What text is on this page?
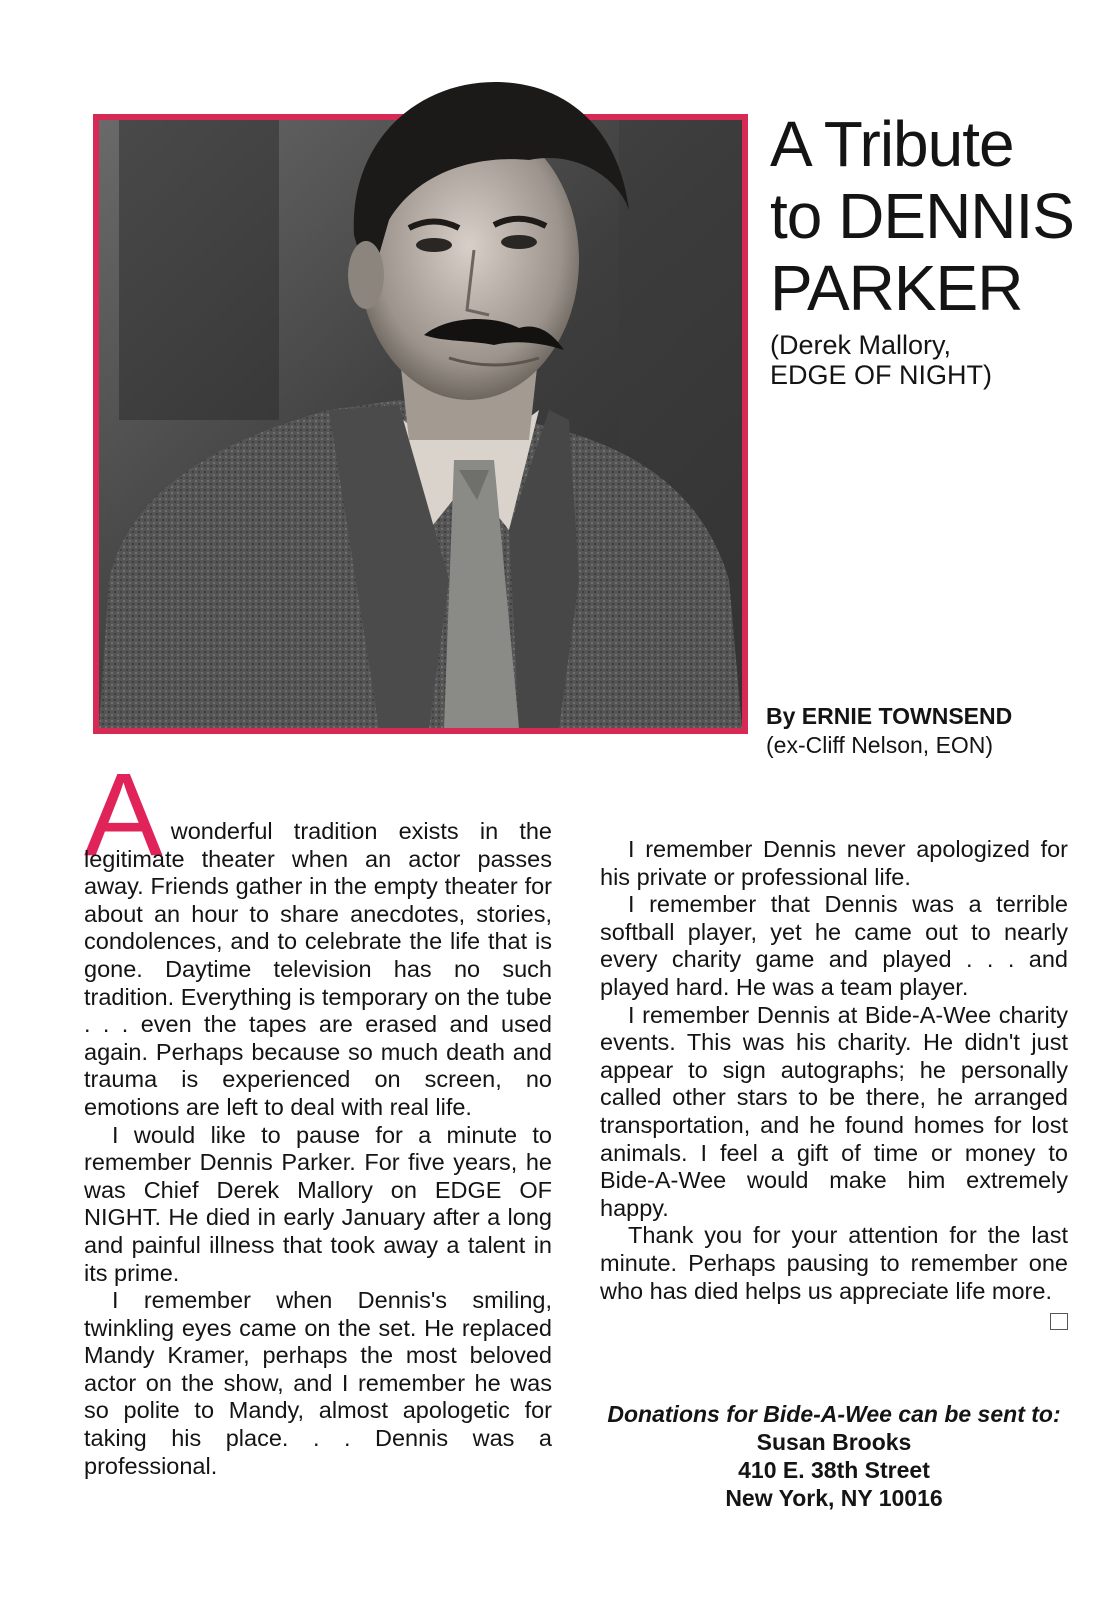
A Tribute
to DENNIS
PARKER
(Derek Mallory,
EDGE OF NIGHT)
By ERNIE TOWNSEND
(ex-Cliff Nelson, EON)

Awonderful tradition exists in the legitimate theater when an actor passes away. Friends gather in the empty theater for about an hour to share anecdotes, stories, condolences, and to celebrate the life that is gone. Daytime television has no such tradition. Everything is temporary on the tube . . . even the tapes are erased and used again. Perhaps because so much death and trauma is experienced on screen, no emotions are left to deal with real life.

I would like to pause for a minute to remember Dennis Parker. For five years, he was Chief Derek Mallory on EDGE OF NIGHT. He died in early January after a long and painful illness that took away a talent in its prime.

I remember when Dennis's smiling, twinkling eyes came on the set. He replaced Mandy Kramer, perhaps the most beloved actor on the show, and I remember he was so polite to Mandy, almost apologetic for taking his place. . . Dennis was a professional.

I remember Dennis never apologized for his private or professional life.

I remember that Dennis was a terrible softball player, yet he came out to nearly every charity game and played . . . and played hard. He was a team player.

I remember Dennis at Bide-A-Wee charity events. This was his charity. He didn't just appear to sign autographs; he personally called other stars to be there, he arranged transportation, and he found homes for lost animals. I feel a gift of time or money to Bide-A-Wee would make him extremely happy.

Thank you for your attention for the last minute. Perhaps pausing to remember one who has died helps us appreciate life more.

Donations for Bide-A-Wee can be sent to:
Susan Brooks
410 E. 38th Street
New York, NY 10016
